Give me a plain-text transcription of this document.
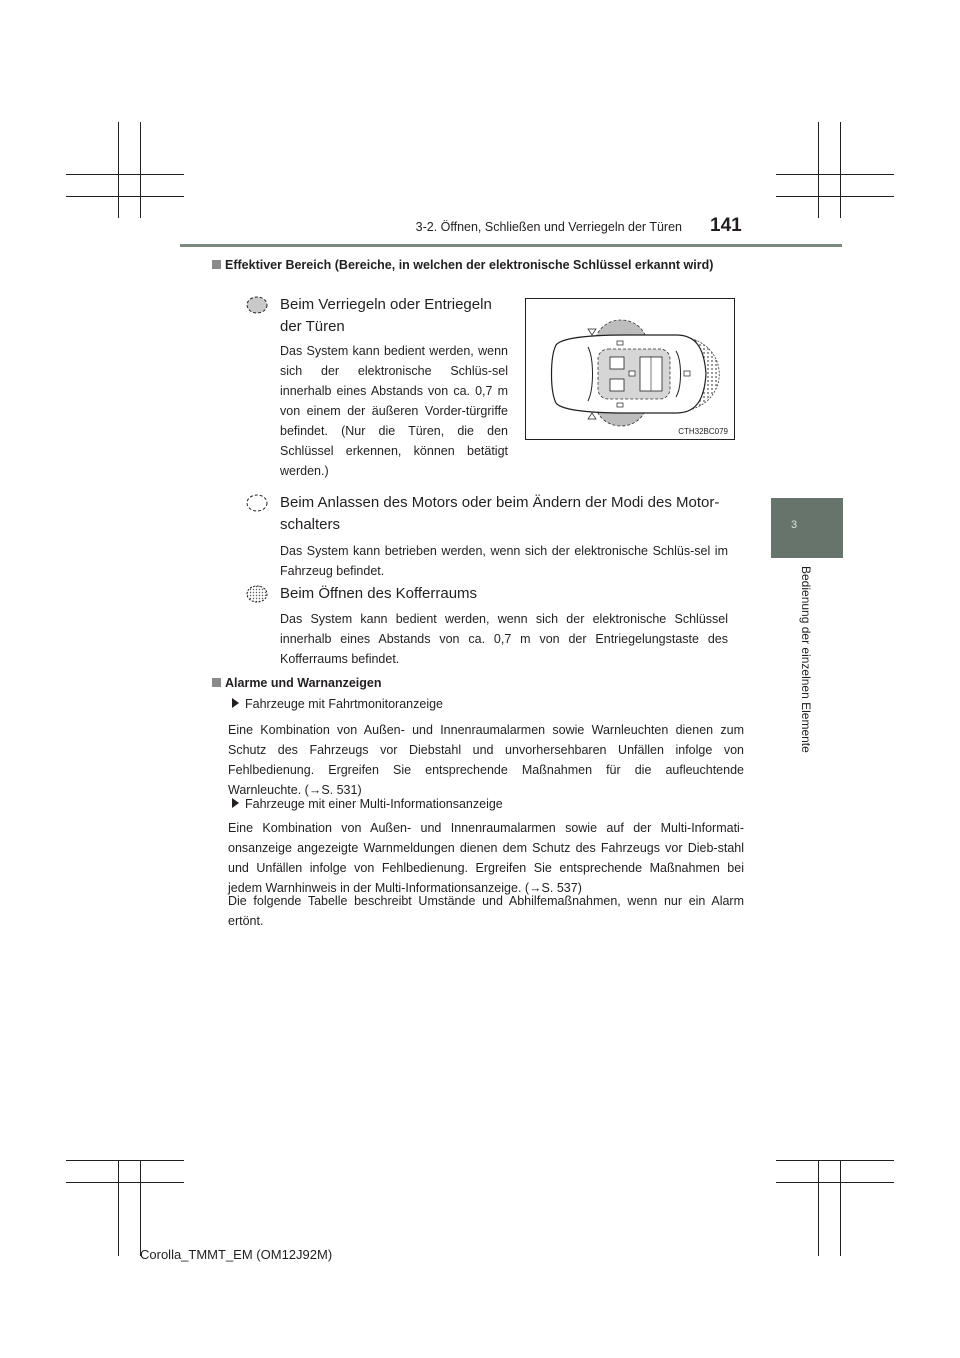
3-2. Öffnen, Schließen und Verriegeln der Türen 141
3
Bedienung der einzelnen Elemente
Effektiver Bereich (Bereiche, in welchen der elektronische Schlüssel erkannt wird)
Beim Verriegeln oder Entriegeln der Türen
Das System kann bedient werden, wenn sich der elektronische Schlüs-sel innerhalb eines Abstands von ca. 0,7 m von einem der äußeren Vorder-türgriffe befindet. (Nur die Türen, die den Schlüssel erkennen, können betätigt werden.)
CTH32BC079
Beim Anlassen des Motors oder beim Ändern der Modi des Motor-schalters
Das System kann betrieben werden, wenn sich der elektronische Schlüs-sel im Fahrzeug befindet.
Beim Öffnen des Kofferraums
Das System kann bedient werden, wenn sich der elektronische Schlüssel innerhalb eines Abstands von ca. 0,7 m von der Entriegelungstaste des Kofferraums befindet.
Alarme und Warnanzeigen
Fahrzeuge mit Fahrtmonitoranzeige
Eine Kombination von Außen- und Innenraumalarmen sowie Warnleuchten dienen zum Schutz des Fahrzeugs vor Diebstahl und unvorhersehbaren Unfällen infolge von Fehlbedienung. Ergreifen Sie entsprechende Maßnahmen für die aufleuchtende Warnleuchte. (→S. 531)
Fahrzeuge mit einer Multi-Informationsanzeige
Eine Kombination von Außen- und Innenraumalarmen sowie auf der Multi-Informati-onsanzeige angezeigte Warnmeldungen dienen dem Schutz des Fahrzeugs vor Dieb-stahl und Unfällen infolge von Fehlbedienung. Ergreifen Sie entsprechende Maßnahmen bei jedem Warnhinweis in der Multi-Informationsanzeige. (→S. 537)
Die folgende Tabelle beschreibt Umstände und Abhilfemaßnahmen, wenn nur ein Alarm ertönt.
Corolla_TMMT_EM (OM12J92M)
